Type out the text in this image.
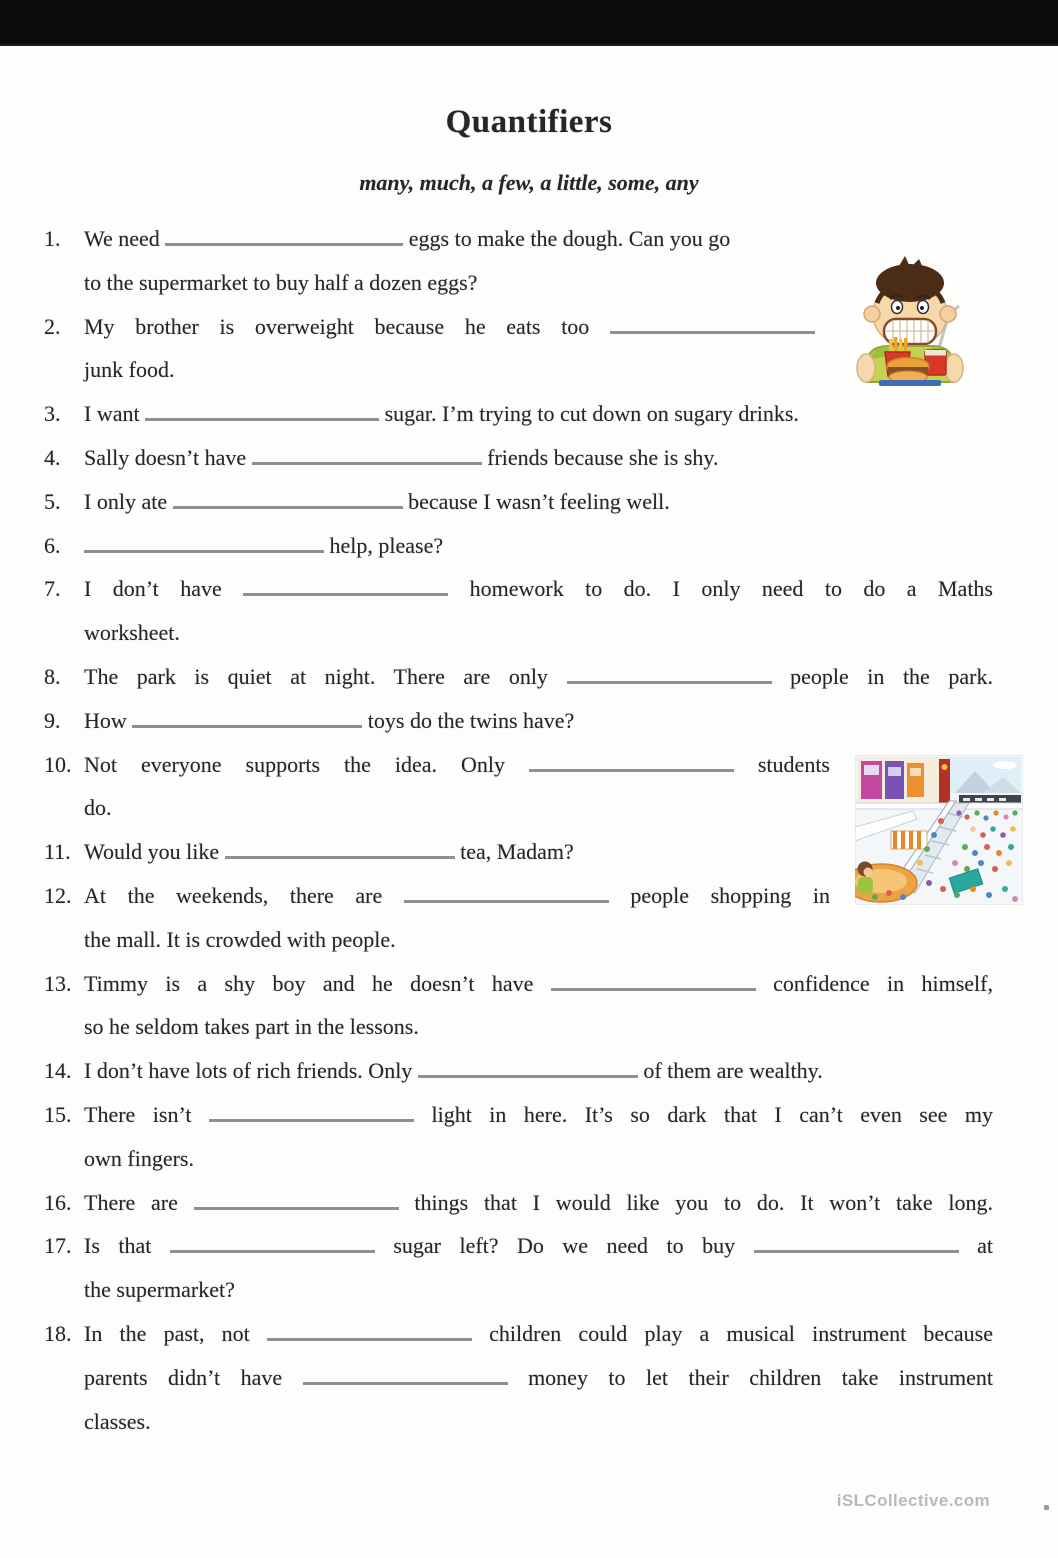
Quantifiers
many, much, a few, a little, some, any
1.	We need	eggs to make the dough. Can you go
to the supermarket to buy half a dozen eggs?
2.	My brother is overweight because he eats too
junk food.
3.	I want	sugar. I’m trying to cut down on sugary drinks.
4.	Sally doesn’t have	friends because she is shy.
5.	I only ate	because I wasn’t feeling well.
6.	help, please?
7.	I don’t have	homework to do. I only need to do a Maths
worksheet.
8.	The park is quiet at night. There are only	people in the park.
9.	How	toys do the twins have?
10. Not everyone supports the idea. Only	students
do.
11. Would you like	tea, Madam?
12. At the weekends, there are	people shopping in
the mall. It is crowded with people.
13. Timmy is a shy boy and he doesn’t have	confidence in himself,
so he seldom takes part in the lessons.
14. I don’t have lots of rich friends. Only	of them are wealthy.
15. There isn’t	light in here. It’s so dark that I can’t even see my
own fingers.
16. There are	things that I would like you to do. It won’t take long.
17. Is that	sugar left? Do we need to buy	at
the supermarket?
18. In the past, not	children could play a musical instrument because
parents didn’t have	money to let their children take instrument
classes.
iSLCollective.com
